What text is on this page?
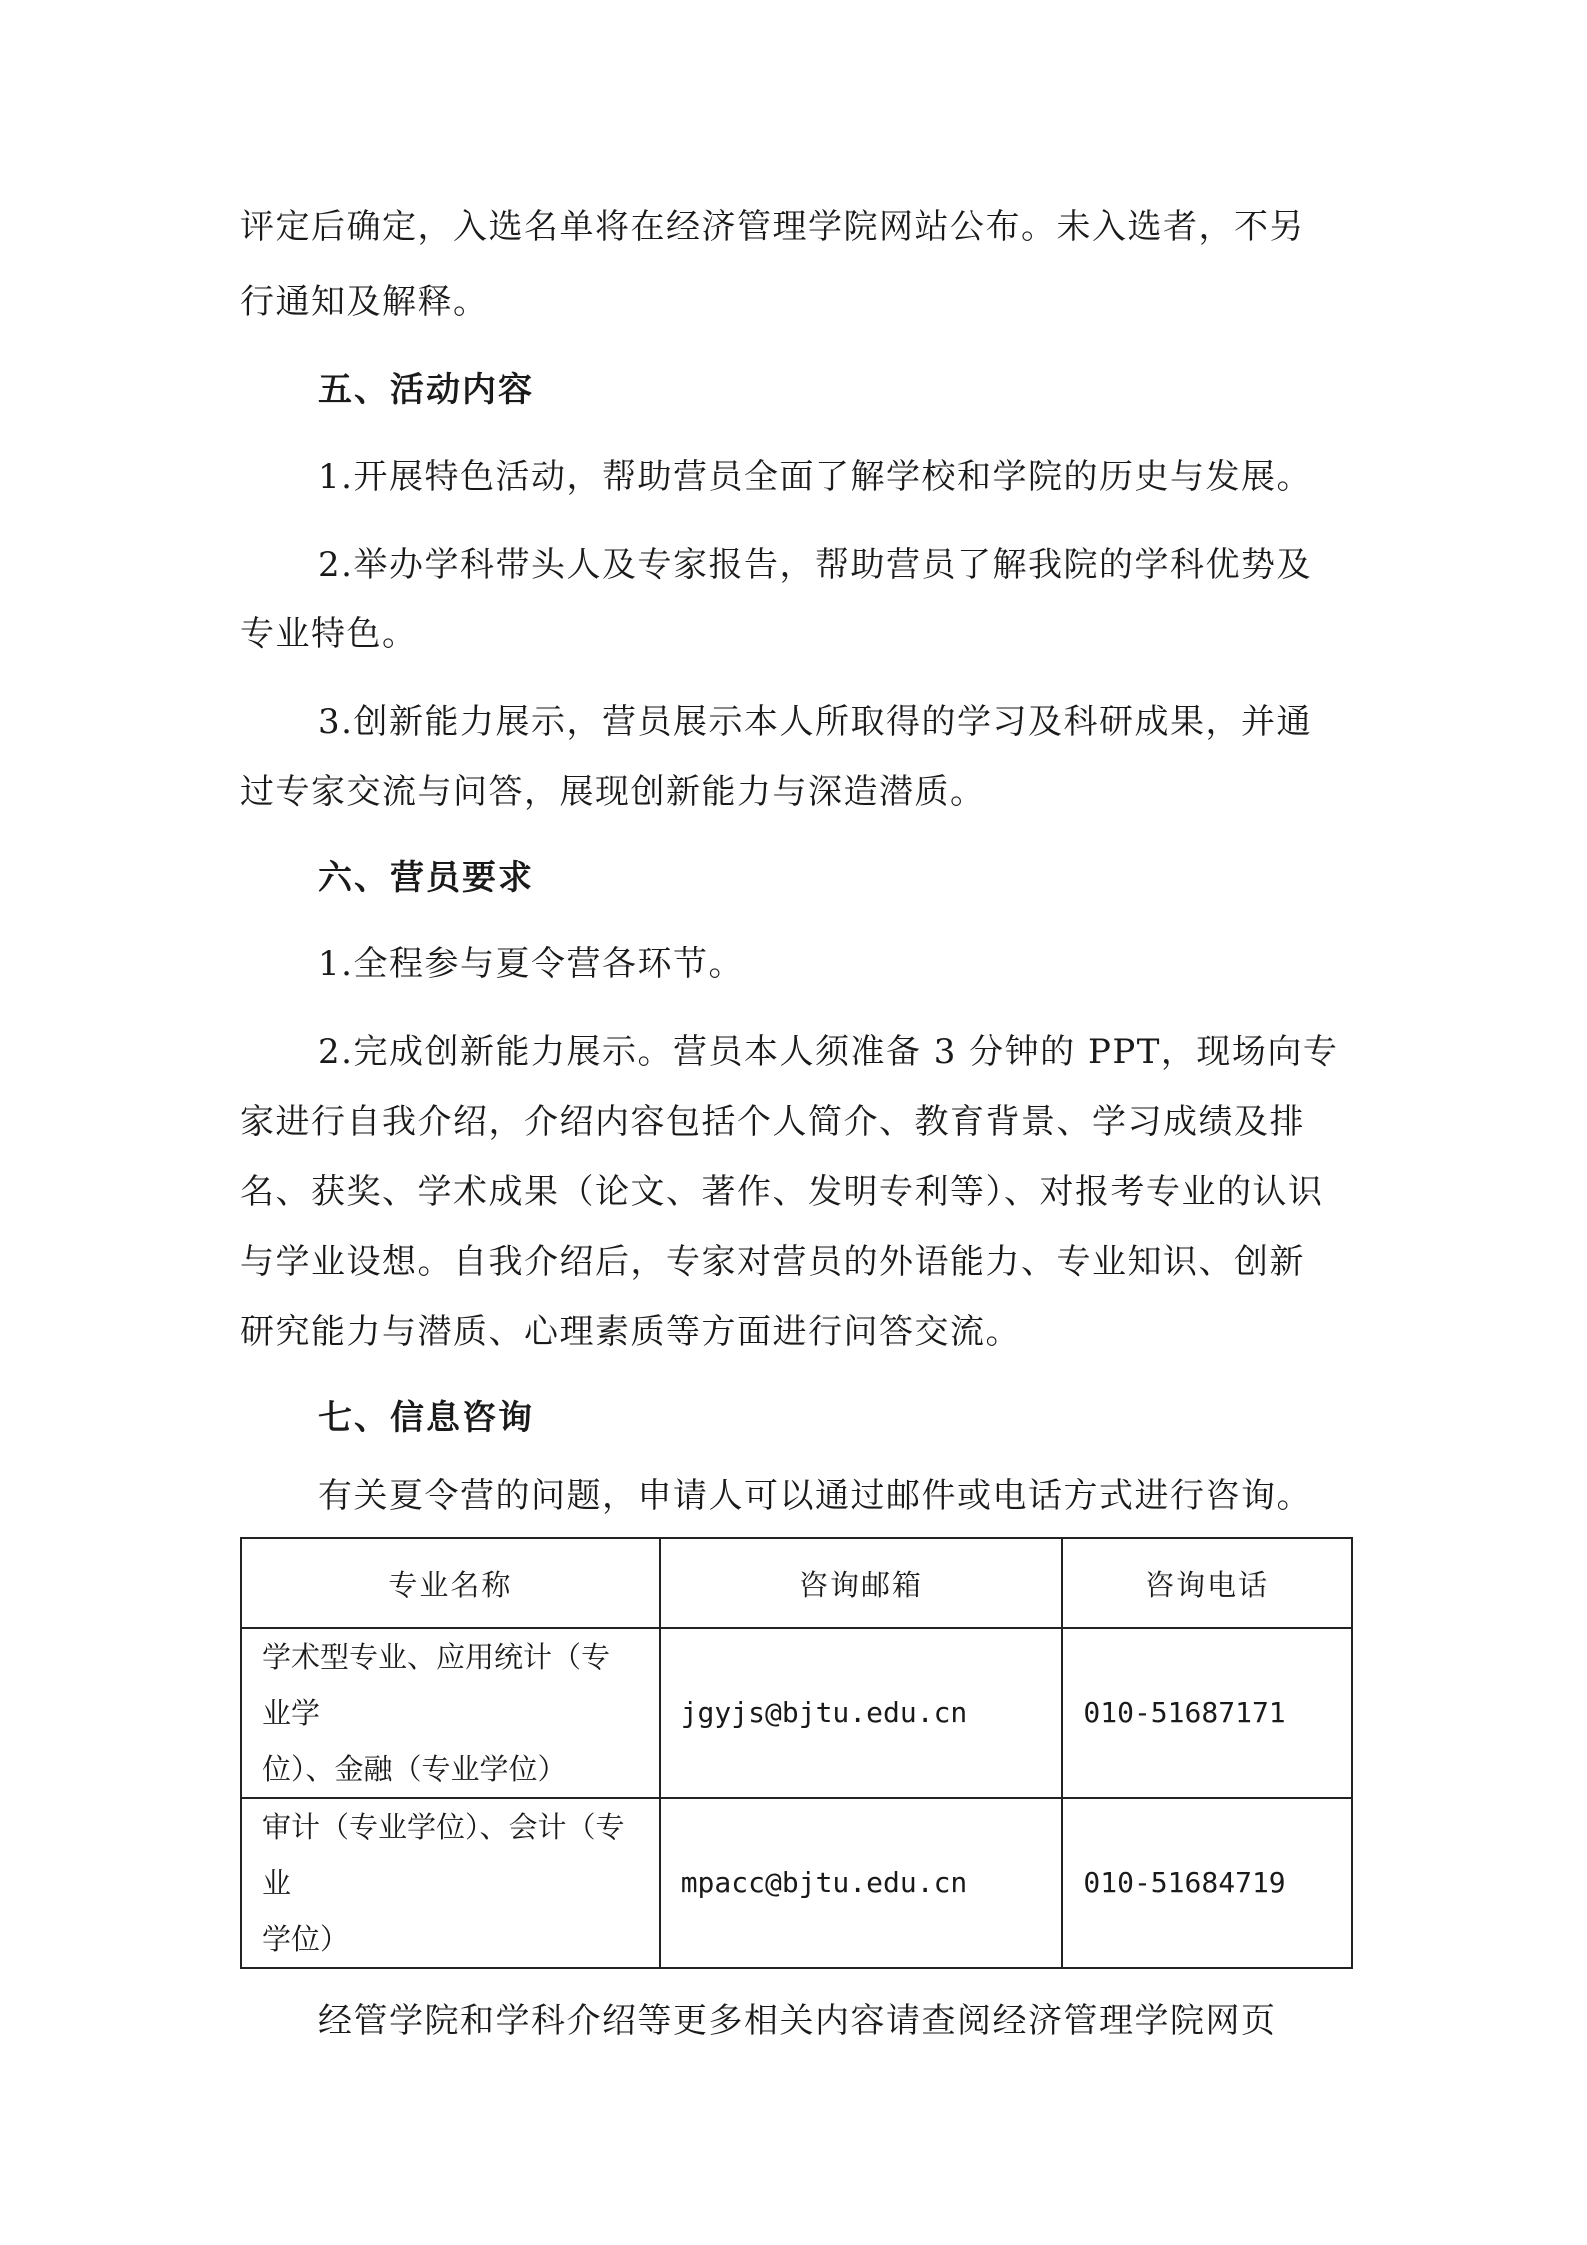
评定后确定，入选名单将在经济管理学院网站公布。未入选者，不另
行通知及解释。
五、活动内容
1.开展特色活动，帮助营员全面了解学校和学院的历史与发展。
2.举办学科带头人及专家报告，帮助营员了解我院的学科优势及
专业特色。
3.创新能力展示，营员展示本人所取得的学习及科研成果，并通
过专家交流与问答，展现创新能力与深造潜质。
六、营员要求
1.全程参与夏令营各环节。
2.完成创新能力展示。营员本人须准备 3 分钟的 PPT，现场向专
家进行自我介绍，介绍内容包括个人简介、教育背景、学习成绩及排
名、获奖、学术成果（论文、著作、发明专利等）、对报考专业的认识
与学业设想。自我介绍后，专家对营员的外语能力、专业知识、创新
研究能力与潜质、心理素质等方面进行问答交流。
七、信息咨询
有关夏令营的问题，申请人可以通过邮件或电话方式进行咨询。
专业名称	咨询邮箱	咨询电话

学术型专业、应用统计（专业学
位）、金融（专业学位）	jgyjs@bjtu.edu.cn	010-51687171

审计（专业学位）、会计（专业
学位）	mpacc@bjtu.edu.cn	010-51684719
经管学院和学科介绍等更多相关内容请查阅经济管理学院网页
